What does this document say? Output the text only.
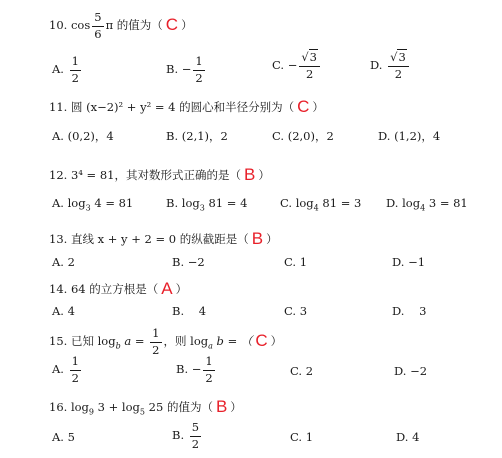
10. $\cos \frac{5}{6}$ π 的值为（ C ）
A. $\frac{1}{2}$	B. − $\frac{1}{2}$	C. − $\frac{√3}{2}$	D. $\frac{√3}{2}$
11. 圆 (x−2)² + y² = 4 的圆心和半径分别为（ C ）
A. (0,2)，4	B. (2,1)，2	C. (2,0)，2	D. (1,2)，4
12. 3⁴ = 81，其对数形式正确的是（ B ）
A. $\log_3 4 = 81$	B. $\log_3 81 = 4$	C. $\log_4 81 = 3$ D. $\log_4 3 = 81$
13. 直线 x + y + 2 = 0 的纵截距是（ B ）
A. 2	B. −2	C. 1	D. −1
14. 64 的立方根是（ A ）
A. 4	B. 4	C. 3	D. 3
15. 已知 $\log_b a = \frac{1}{2}$ ，则 $\log_a b$ = （ C ）
A. $\frac{1}{2}$	B. − $\frac{1}{2}$	C. 2	D. −2
16. $\log_9 3 + \log_5 25$ 的值为（ B ）
A. 5	B. $\frac{5}{2}$	C. 1	D. 4
